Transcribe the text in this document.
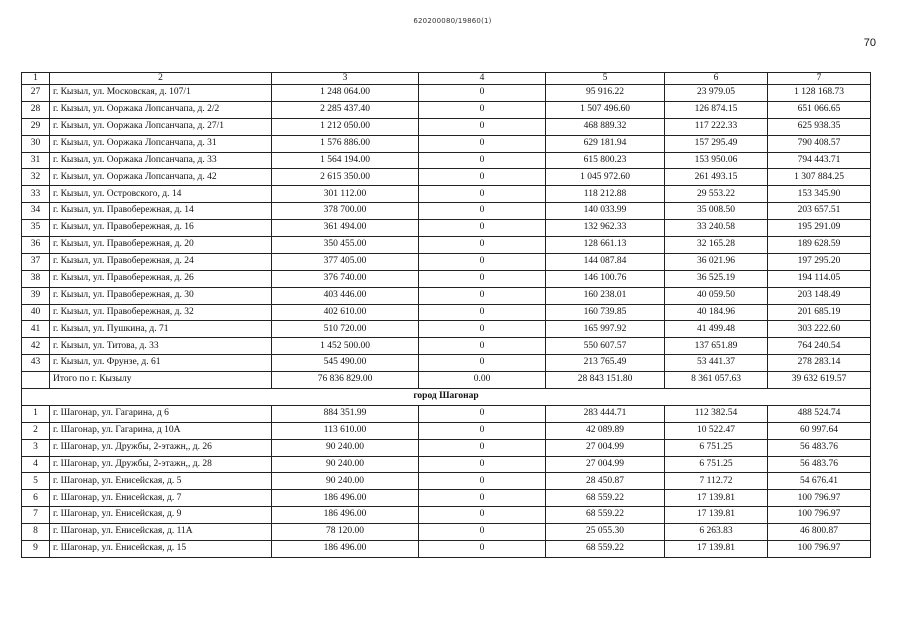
620200080/19860(1)
70
1	2	3	4	5	6	7
27	г. Кызыл, ул. Московская, д. 107/1	1 248 064.00	0	95 916.22	23 979.05	1 128 168.73
28	г. Кызыл, ул. Ооржака Лопсанчапа, д. 2/2	2 285 437.40	0	1 507 496.60	126 874.15	651 066.65
29	г. Кызыл, ул. Ооржака Лопсанчапа, д. 27/1	1 212 050.00	0	468 889.32	117 222.33	625 938.35
30	г. Кызыл, ул. Ооржака Лопсанчапа, д. 31	1 576 886.00	0	629 181.94	157 295.49	790 408.57
31	г. Кызыл, ул. Ооржака Лопсанчапа, д. 33	1 564 194.00	0	615 800.23	153 950.06	794 443.71
32	г. Кызыл, ул. Ооржака Лопсанчапа, д. 42	2 615 350.00	0	1 045 972.60	261 493.15	1 307 884.25
33	г. Кызыл, ул. Островского, д. 14	301 112.00	0	118 212.88	29 553.22	153 345.90
34	г. Кызыл, ул. Правобережная, д. 14	378 700.00	0	140 033.99	35 008.50	203 657.51
35	г. Кызыл, ул. Правобережная, д. 16	361 494.00	0	132 962.33	33 240.58	195 291.09
36	г. Кызыл, ул. Правобережная, д. 20	350 455.00	0	128 661.13	32 165.28	189 628.59
37	г. Кызыл, ул. Правобережная, д. 24	377 405.00	0	144 087.84	36 021.96	197 295.20
38	г. Кызыл, ул. Правобережная, д. 26	376 740.00	0	146 100.76	36 525.19	194 114.05
39	г. Кызыл, ул. Правобережная, д. 30	403 446.00	0	160 238.01	40 059.50	203 148.49
40	г. Кызыл, ул. Правобережная, д. 32	402 610.00	0	160 739.85	40 184.96	201 685.19
41	г. Кызыл, ул. Пушкина, д. 71	510 720.00	0	165 997.92	41 499.48	303 222.60
42	г. Кызыл, ул. Титова, д. 33	1 452 500.00	0	550 607.57	137 651.89	764 240.54
43	г. Кызыл, ул. Фрунзе, д. 61	545 490.00	0	213 765.49	53 441.37	278 283.14
	Итого по г. Кызылу	76 836 829.00	0.00	28 843 151.80	8 361 057.63	39 632 619.57
город Шагонар						
1	г. Шагонар, ул. Гагарина, д 6	884 351.99	0	283 444.71	112 382.54	488 524.74
2	г. Шагонар, ул. Гагарина, д 10А	113 610.00	0	42 089.89	10 522.47	60 997.64
3	г. Шагонар, ул. Дружбы, 2-этажн,, д. 26	90 240.00	0	27 004.99	6 751.25	56 483.76
4	г. Шагонар, ул. Дружбы, 2-этажн,, д. 28	90 240.00	0	27 004.99	6 751.25	56 483.76
5	г. Шагонар, ул. Енисейская, д. 5	90 240.00	0	28 450.87	7 112.72	54 676.41
6	г. Шагонар, ул. Енисейская, д. 7	186 496.00	0	68 559.22	17 139.81	100 796.97
7	г. Шагонар, ул. Енисейская, д. 9	186 496.00	0	68 559.22	17 139.81	100 796.97
8	г. Шагонар, ул. Енисейская, д. 11А	78 120.00	0	25 055.30	6 263.83	46 800.87
9	г. Шагонар, ул. Енисейская, д. 15	186 496.00	0	68 559.22	17 139.81	100 796.97
